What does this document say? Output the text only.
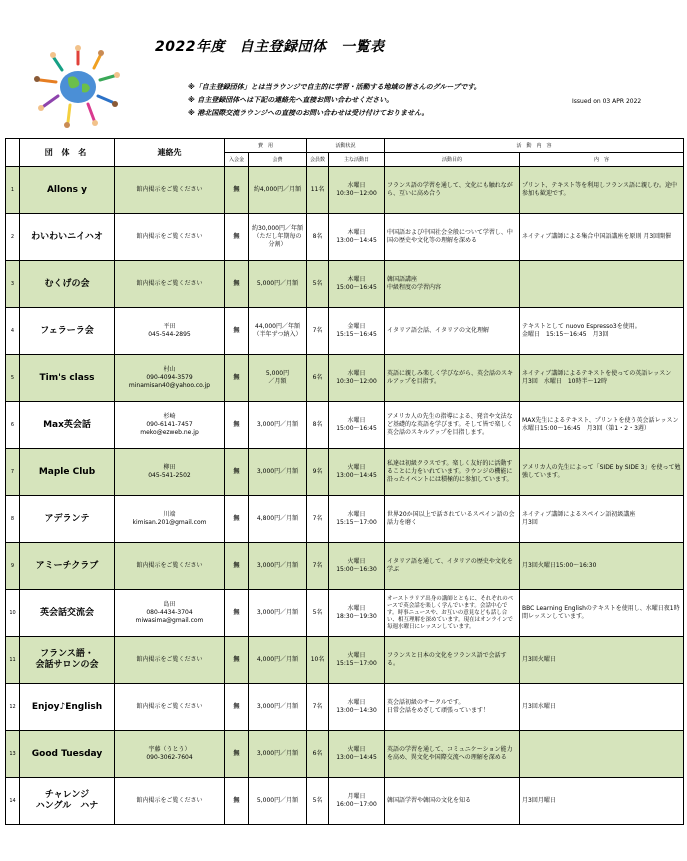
2022年度　自主登録団体　一覧表
※「自主登録団体」とは当ラウンジで自主的に学習・活動する地域の皆さんのグループです。
※ 自主登録団体へは下記の連絡先へ直接お問い合わせください。
※ 港北国際交流ラウンジへの直接のお問い合わせは受け付けておりません。
Issued on 03 APR 2022
	団 体 名	連絡先	費　用		活動状況		活　動　内　容	
			入会金	会費	会員数	主な活動日	活動目的	内　容
1	Allons y	館内掲示をご覧ください	無	約4,000円／月額	11名	水曜日
10:30～12:00	フランス語の学習を通して、文化にも触れながら、互いに高め合う	プリント、テキスト等を利用しフランス語に親しむ。途中参加も歓迎です。
2	わいわいニイハオ	館内掲示をご覧ください	無	約30,000円／年額
（ただし年期毎の分割）	8名	木曜日
13:00～14:45	中国語および中国社会全般について学習し、中国の歴史や文化等の理解を深める	ネイティブ講師による集合中国語講座を原則 月3回開催
3	むくげの会	館内掲示をご覧ください	無	5,000円／月額	5名	木曜日
15:00～16:45	韓国語講座
中級程度の学習内容	
4	フェラーラ会	平田
045-544-2895	無	44,000円／年額
（半年ずつ納入）	7名	金曜日
15:15～16:45	イタリア語会話、イタリアの文化理解	テキストとして nuovo Espresso3を使用。
金曜日　15:15～16:45　月3回
5	Tim's class	村山
090-4094-3579
minamisan40@yahoo.co.jp	無	5,000円
／月額	6名	水曜日
10:30～12:00	英語に親しみ楽しく学びながら、英会話のスキルアップを目指す。	ネイティブ講師によるテキストを使っての英語レッスン
月3回　水曜日　10時半～12時
6	Max英会話	杉崎
090-6141-7457
meko@ezweb.ne.jp	無	3,000円／月額	8名	水曜日
15:00～16:45	アメリカ人の先生の指導による、発音や文法など基礎的な英語を学びます。そして皆で楽しく英会話のスキルアップを目指します。	MAX先生によるテキスト、プリントを使う英会話レッスン
水曜日15:00～16:45　月3回（第1・2・3週）
7	Maple Club	柳田
045-541-2502	無	3,000円／月額	9名	火曜日
13:00～14:45	私達は初級クラスです。楽しく友好的に活動することに力をいれています。ラウンジの機能に沿ったイベントには積極的に参加しています。	アメリカ人の先生によって「SIDE by SIDE 3」を使って勉強しています。
8	アデランテ	川端
kimisan.201@gmail.com	無	4,800円／月額	7名	水曜日
15:15～17:00	世界20か国以上で話されているスペイン語の会話力を磨く	ネイティブ講師によるスペイン語初級講座
月3回
9	アミーチクラブ	館内掲示をご覧ください	無	3,000円／月額	7名	火曜日
15:00～16:30	イタリア語を通して、イタリアの歴史や文化を学ぶ	月3回火曜日15:00～16:30
10	英会話交流会	島田
080-4434-3704
miwasima@gmail.com	無	3,000円／月額	5名	水曜日
18:30～19:30	オーストラリア出身の講師とともに、それぞれのペースで英会話を楽しく学んでいます。会話中心です。時事ニュースや、お互いの意見なども話し合い、相互理解を深めています。現在はオンラインで毎週水曜日にレッスンしています。	BBC Learning Englishのテキストを使用し、水曜日夜1時間レッスンしています。
11	フランス語・
会話サロンの会	館内掲示をご覧ください	無	4,000円／月額	10名	火曜日
15:15～17:00	フランスと日本の文化をフランス語で会話する。	月3回火曜日
12	Enjoy♪English	館内掲示をご覧ください	無	3,000円／月額	7名	水曜日
13:00～14:30	英会話初級のサークルです。
日常会話をめざして頑張っています！	月3回水曜日
13	Good Tuesday	宇藤（うとう）
090-3062-7604	無	3,000円／月額	6名	火曜日
13:00～14:45	英語の学習を通して、コミュニケーション能力を高め、異文化や国際交流への理解を深める	
14	チャレンジ
ハングル　ハナ	館内掲示をご覧ください	無	5,000円／月額	5名	月曜日
16:00～17:00	韓国語学習や韓国の文化を知る	月3回月曜日
